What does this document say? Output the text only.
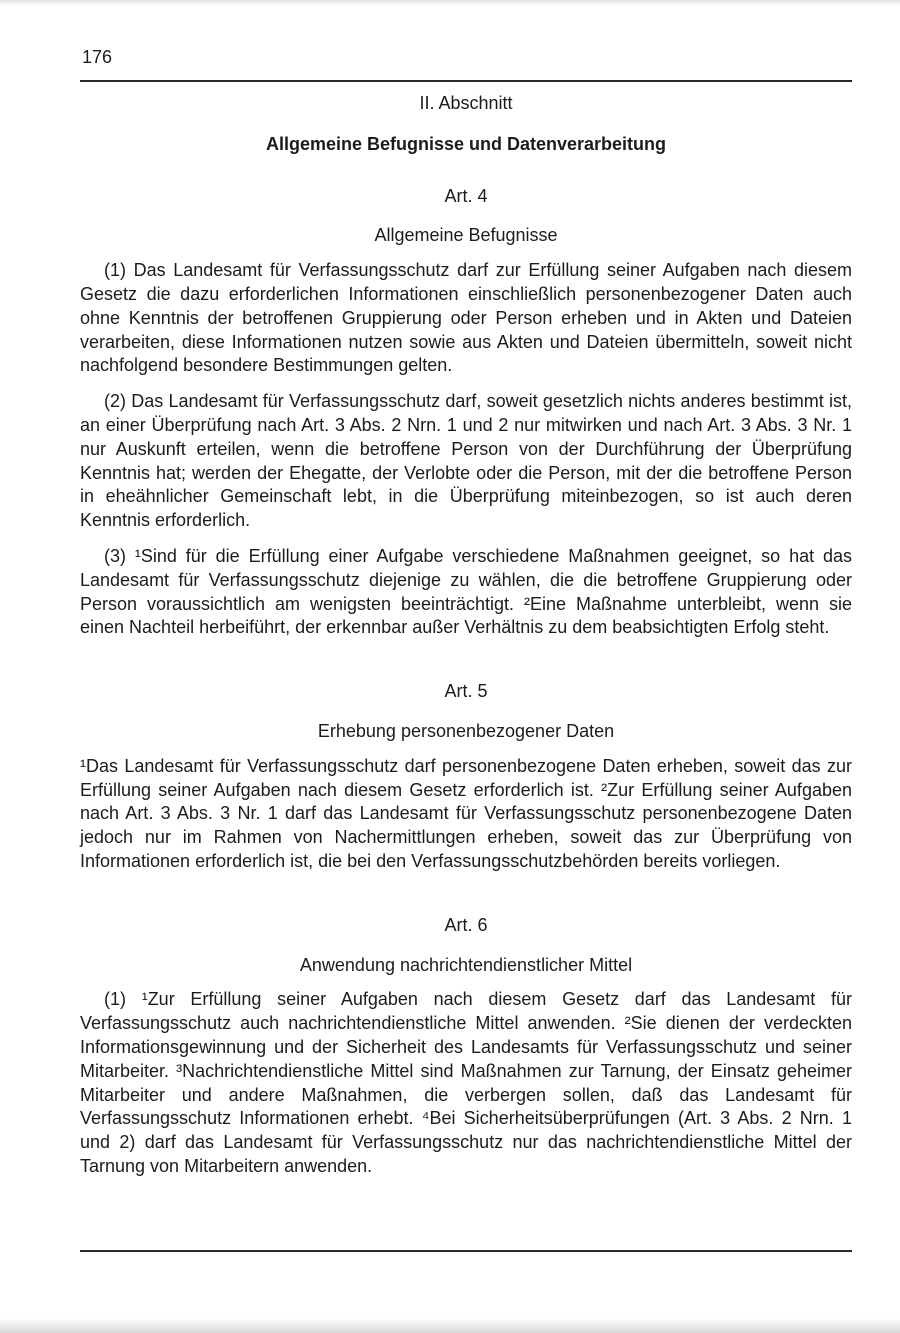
176
II. Abschnitt
Allgemeine Befugnisse und Datenverarbeitung
Art. 4
Allgemeine Befugnisse

(1) Das Landesamt für Verfassungsschutz darf zur Erfüllung seiner Aufgaben nach diesem Gesetz die dazu erforderlichen Informationen einschließlich personenbezogener Daten auch ohne Kenntnis der betroffenen Gruppierung oder Person erheben und in Akten und Dateien verarbeiten, diese Informationen nutzen sowie aus Akten und Dateien übermitteln, soweit nicht nachfolgend besondere Bestimmungen gelten.

(2) Das Landesamt für Verfassungsschutz darf, soweit gesetzlich nichts anderes bestimmt ist, an einer Überprüfung nach Art. 3 Abs. 2 Nrn. 1 und 2 nur mitwirken und nach Art. 3 Abs. 3 Nr. 1 nur Auskunft erteilen, wenn die betroffene Person von der Durchführung der Überprüfung Kenntnis hat; werden der Ehegatte, der Verlobte oder die Person, mit der die betroffene Person in eheähnlicher Gemeinschaft lebt, in die Überprüfung miteinbezogen, so ist auch deren Kenntnis erforderlich.

(3) ¹Sind für die Erfüllung einer Aufgabe verschiedene Maßnahmen geeignet, so hat das Landesamt für Verfassungsschutz diejenige zu wählen, die die betroffene Gruppierung oder Person voraussichtlich am wenigsten beeinträchtigt. ²Eine Maßnahme unterbleibt, wenn sie einen Nachteil herbeiführt, der erkennbar außer Verhältnis zu dem beabsichtigten Erfolg steht.

Art. 5
Erhebung personenbezogener Daten

¹Das Landesamt für Verfassungsschutz darf personenbezogene Daten erheben, soweit das zur Erfüllung seiner Aufgaben nach diesem Gesetz erforderlich ist. ²Zur Erfüllung seiner Aufgaben nach Art. 3 Abs. 3 Nr. 1 darf das Landesamt für Verfassungsschutz personenbezogene Daten jedoch nur im Rahmen von Nachermittlungen erheben, soweit das zur Überprüfung von Informationen erforderlich ist, die bei den Verfassungsschutzbehörden bereits vorliegen.

Art. 6
Anwendung nachrichtendienstlicher Mittel

(1) ¹Zur Erfüllung seiner Aufgaben nach diesem Gesetz darf das Landesamt für Verfassungsschutz auch nachrichtendienstliche Mittel anwenden. ²Sie dienen der verdeckten Informationsgewinnung und der Sicherheit des Landesamts für Verfassungsschutz und seiner Mitarbeiter. ³Nachrichtendienstliche Mittel sind Maßnahmen zur Tarnung, der Einsatz geheimer Mitarbeiter und andere Maßnahmen, die verbergen sollen, daß das Landesamt für Verfassungsschutz Informationen erhebt. ⁴Bei Sicherheitsüberprüfungen (Art. 3 Abs. 2 Nrn. 1 und 2) darf das Landesamt für Verfassungsschutz nur das nachrichtendienstliche Mittel der Tarnung von Mitarbeitern anwenden.
